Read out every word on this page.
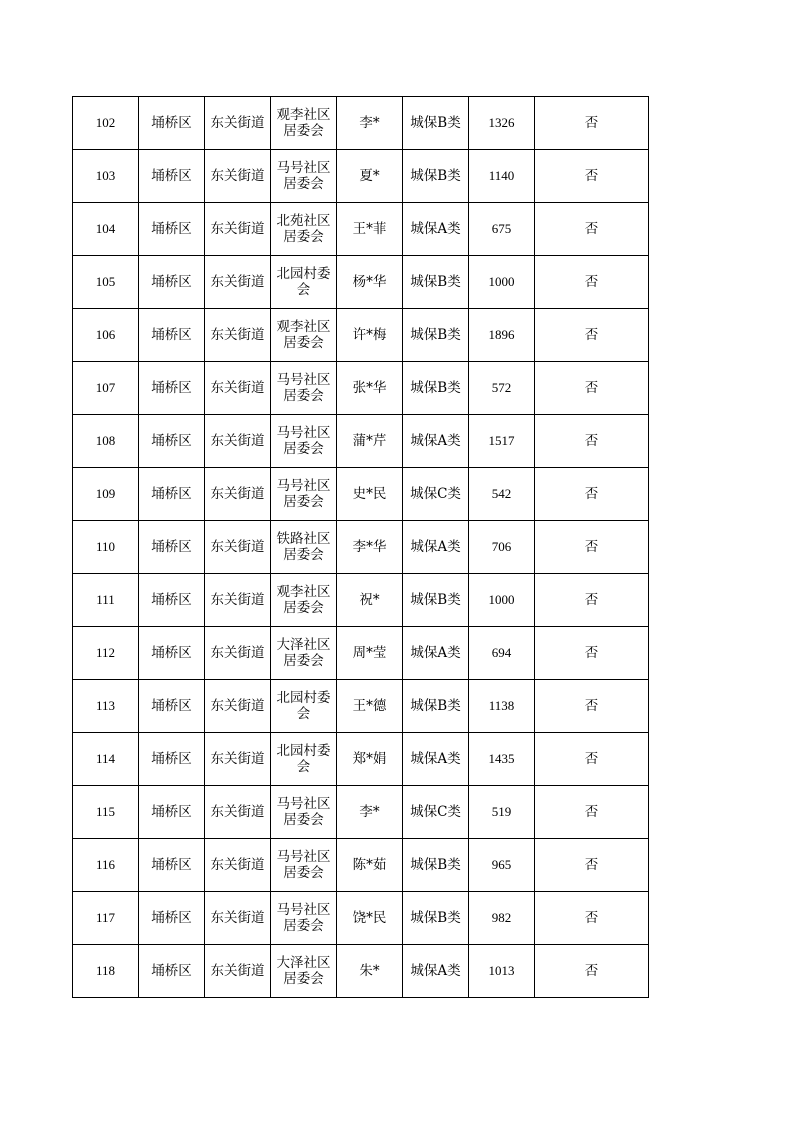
102	埇桥区	东关街道	观李社区居委会	李*	城保B类	1326	否
103	埇桥区	东关街道	马号社区居委会	夏*	城保B类	1140	否
104	埇桥区	东关街道	北苑社区居委会	王*菲	城保A类	675	否
105	埇桥区	东关街道	北园村委会	杨*华	城保B类	1000	否
106	埇桥区	东关街道	观李社区居委会	许*梅	城保B类	1896	否
107	埇桥区	东关街道	马号社区居委会	张*华	城保B类	572	否
108	埇桥区	东关街道	马号社区居委会	蒲*芹	城保A类	1517	否
109	埇桥区	东关街道	马号社区居委会	史*民	城保C类	542	否
110	埇桥区	东关街道	铁路社区居委会	李*华	城保A类	706	否
111	埇桥区	东关街道	观李社区居委会	祝*	城保B类	1000	否
112	埇桥区	东关街道	大泽社区居委会	周*莹	城保A类	694	否
113	埇桥区	东关街道	北园村委会	王*德	城保B类	1138	否
114	埇桥区	东关街道	北园村委会	郑*娟	城保A类	1435	否
115	埇桥区	东关街道	马号社区居委会	李*	城保C类	519	否
116	埇桥区	东关街道	马号社区居委会	陈*茹	城保B类	965	否
117	埇桥区	东关街道	马号社区居委会	饶*民	城保B类	982	否
118	埇桥区	东关街道	大泽社区居委会	朱*	城保A类	1013	否
